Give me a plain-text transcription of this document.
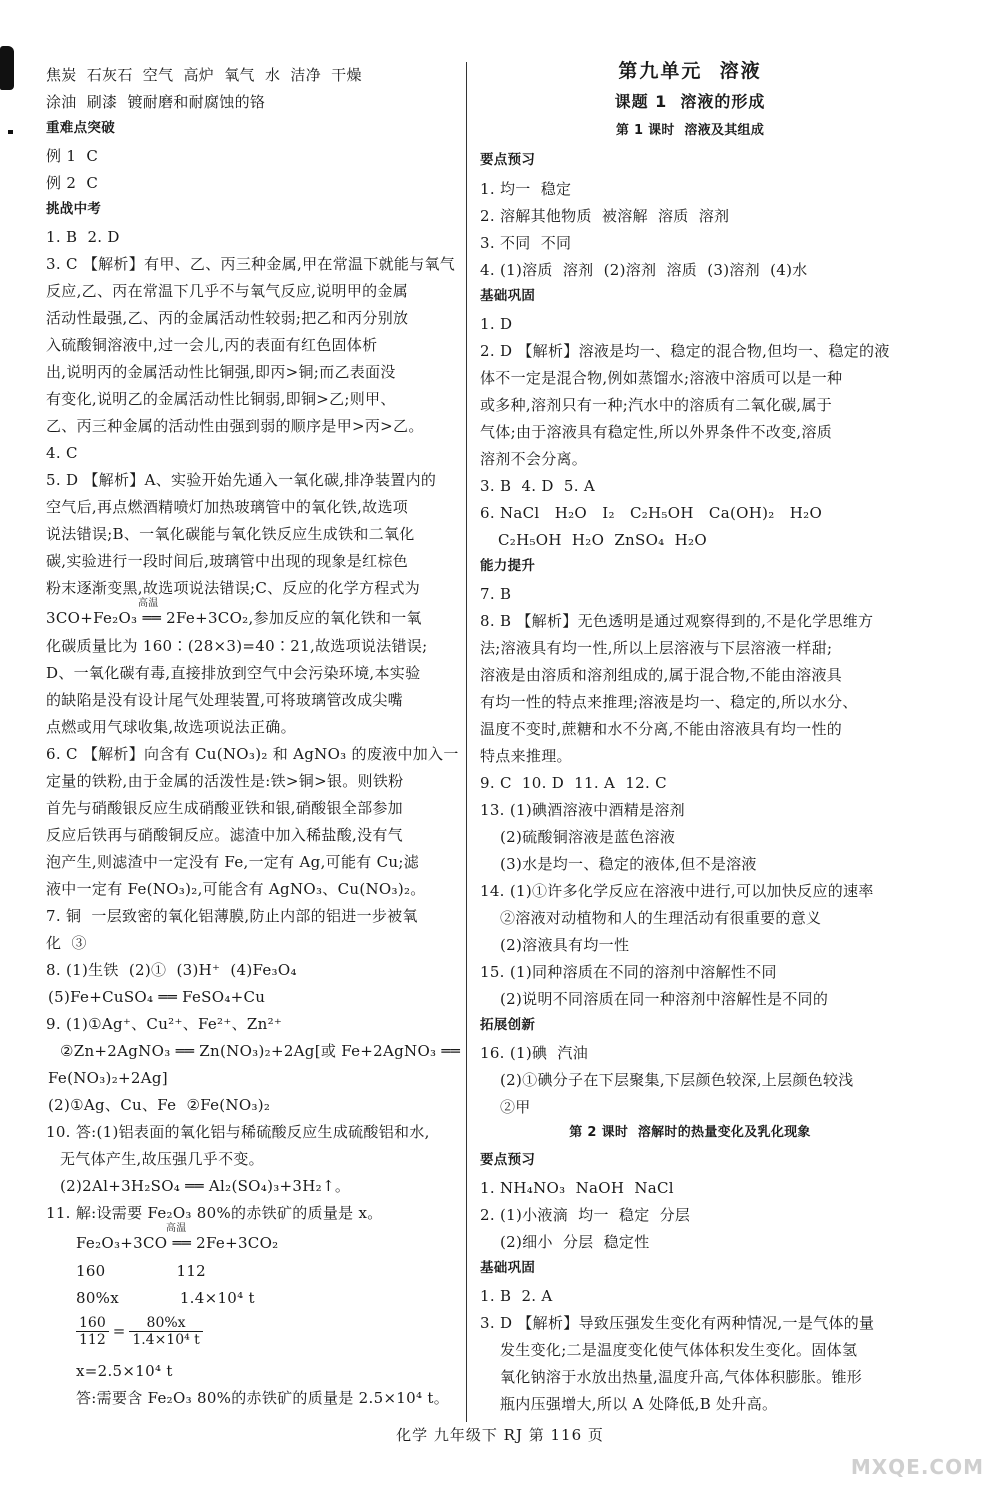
焦炭  石灰石  空气  高炉  氧气  水  洁净  干燥
涂油  刷漆  镀耐磨和耐腐蚀的铬
重难点突破
例 1  C
例 2  C
挑战中考
1. B  2. D
3. C 【解析】有甲、乙、丙三种金属,甲在常温下就能与氧气
反应,乙、丙在常温下几乎不与氧气反应,说明甲的金属
活动性最强,乙、丙的金属活动性较弱;把乙和丙分别放
入硫酸铜溶液中,过一会儿,丙的表面有红色固体析
出,说明丙的金属活动性比铜强,即丙>铜;而乙表面没
有变化,说明乙的金属活动性比铜弱,即铜>乙;则甲、
乙、丙三种金属的活动性由强到弱的顺序是甲>丙>乙。
4. C
5. D 【解析】A、实验开始先通入一氧化碳,排净装置内的
空气后,再点燃酒精喷灯加热玻璃管中的氧化铁,故选项
说法错误;B、一氧化碳能与氧化铁反应生成铁和二氧化
碳,实验进行一段时间后,玻璃管中出现的现象是红棕色
粉末逐渐变黑,故选项说法错误;C、反应的化学方程式为
3CO+Fe₂O₃ ══ 2Fe+3CO₂,参加反应的氧化铁和一氧
化碳质量比为 160∶(28×3)=40∶21,故选项说法错误;
D、一氧化碳有毒,直接排放到空气中会污染环境,本实验
的缺陷是没有设计尾气处理装置,可将玻璃管改成尖嘴
点燃或用气球收集,故选项说法正确。
6. C 【解析】向含有 Cu(NO₃)₂ 和 AgNO₃ 的废液中加入一
定量的铁粉,由于金属的活泼性是:铁>铜>银。则铁粉
首先与硝酸银反应生成硝酸亚铁和银,硝酸银全部参加
反应后铁再与硝酸铜反应。滤渣中加入稀盐酸,没有气
泡产生,则滤渣中一定没有 Fe,一定有 Ag,可能有 Cu;滤
液中一定有 Fe(NO₃)₂,可能含有 AgNO₃、Cu(NO₃)₂。
7. 铜  一层致密的氧化铝薄膜,防止内部的铝进一步被氧
化  ③
8. (1)生铁  (2)①  (3)H⁺  (4)Fe₃O₄
(5)Fe+CuSO₄ ══ FeSO₄+Cu
9. (1)①Ag⁺、Cu²⁺、Fe²⁺、Zn²⁺
②Zn+2AgNO₃ ══ Zn(NO₃)₂+2Ag[或 Fe+2AgNO₃ ══
Fe(NO₃)₂+2Ag]
(2)①Ag、Cu、Fe  ②Fe(NO₃)₂
10. 答:(1)铝表面的氧化铝与稀硫酸反应生成硫酸铝和水,
无气体产生,故压强几乎不变。
(2)2Al+3H₂SO₄ ══ Al₂(SO₄)₃+3H₂↑。
11. 解:设需要 Fe₂O₃ 80%的赤铁矿的质量是 x。
Fe₂O₃+3CO ══ 2Fe+3CO₂
160              112
80%x            1.4×10⁴ t
x=2.5×10⁴ t
答:需要含 Fe₂O₃ 80%的赤铁矿的质量是 2.5×10⁴ t。
高温
高温
$\frac{160}{112} = \frac{80\%x}{\text{1.4×10⁴ t}}$
第九单元  溶液
课题 1  溶液的形成
第 1 课时  溶液及其组成
要点预习
1. 均一  稳定
2. 溶解其他物质  被溶解  溶质  溶剂
3. 不同  不同
4. (1)溶质  溶剂  (2)溶剂  溶质  (3)溶剂  (4)水
基础巩固
1. D
2. D 【解析】溶液是均一、稳定的混合物,但均一、稳定的液
体不一定是混合物,例如蒸馏水;溶液中溶质可以是一种
或多种,溶剂只有一种;汽水中的溶质有二氧化碳,属于
气体;由于溶液具有稳定性,所以外界条件不改变,溶质
溶剂不会分离。
3. B  4. D  5. A
6. NaCl   H₂O   I₂   C₂H₅OH   Ca(OH)₂   H₂O
C₂H₅OH  H₂O  ZnSO₄  H₂O
能力提升
7. B
8. B 【解析】无色透明是通过观察得到的,不是化学思维方
法;溶液具有均一性,所以上层溶液与下层溶液一样甜;
溶液是由溶质和溶剂组成的,属于混合物,不能由溶液具
有均一性的特点来推理;溶液是均一、稳定的,所以水分、
温度不变时,蔗糖和水不分离,不能由溶液具有均一性的
特点来推理。
9. C  10. D  11. A  12. C
13. (1)碘酒溶液中酒精是溶剂
(2)硫酸铜溶液是蓝色溶液
(3)水是均一、稳定的液体,但不是溶液
14. (1)①许多化学反应在溶液中进行,可以加快反应的速率
②溶液对动植物和人的生理活动有很重要的意义
(2)溶液具有均一性
15. (1)同种溶质在不同的溶剂中溶解性不同
(2)说明不同溶质在同一种溶剂中溶解性是不同的
拓展创新
16. (1)碘  汽油
(2)①碘分子在下层聚集,下层颜色较深,上层颜色较浅
②甲
要点预习
1. NH₄NO₃  NaOH  NaCl
2. (1)小液滴  均一  稳定  分层
(2)细小  分层  稳定性
基础巩固
1. B  2. A
3. D 【解析】导致压强发生变化有两种情况,一是气体的量
发生变化;二是温度变化使气体体积发生变化。固体氢
氧化钠溶于水放出热量,温度升高,气体体积膨胀。锥形
瓶内压强增大,所以 A 处降低,B 处升高。
第 2 课时  溶解时的热量变化及乳化现象
化学 九年级下 RJ 第 116 页
MXQE.COM
